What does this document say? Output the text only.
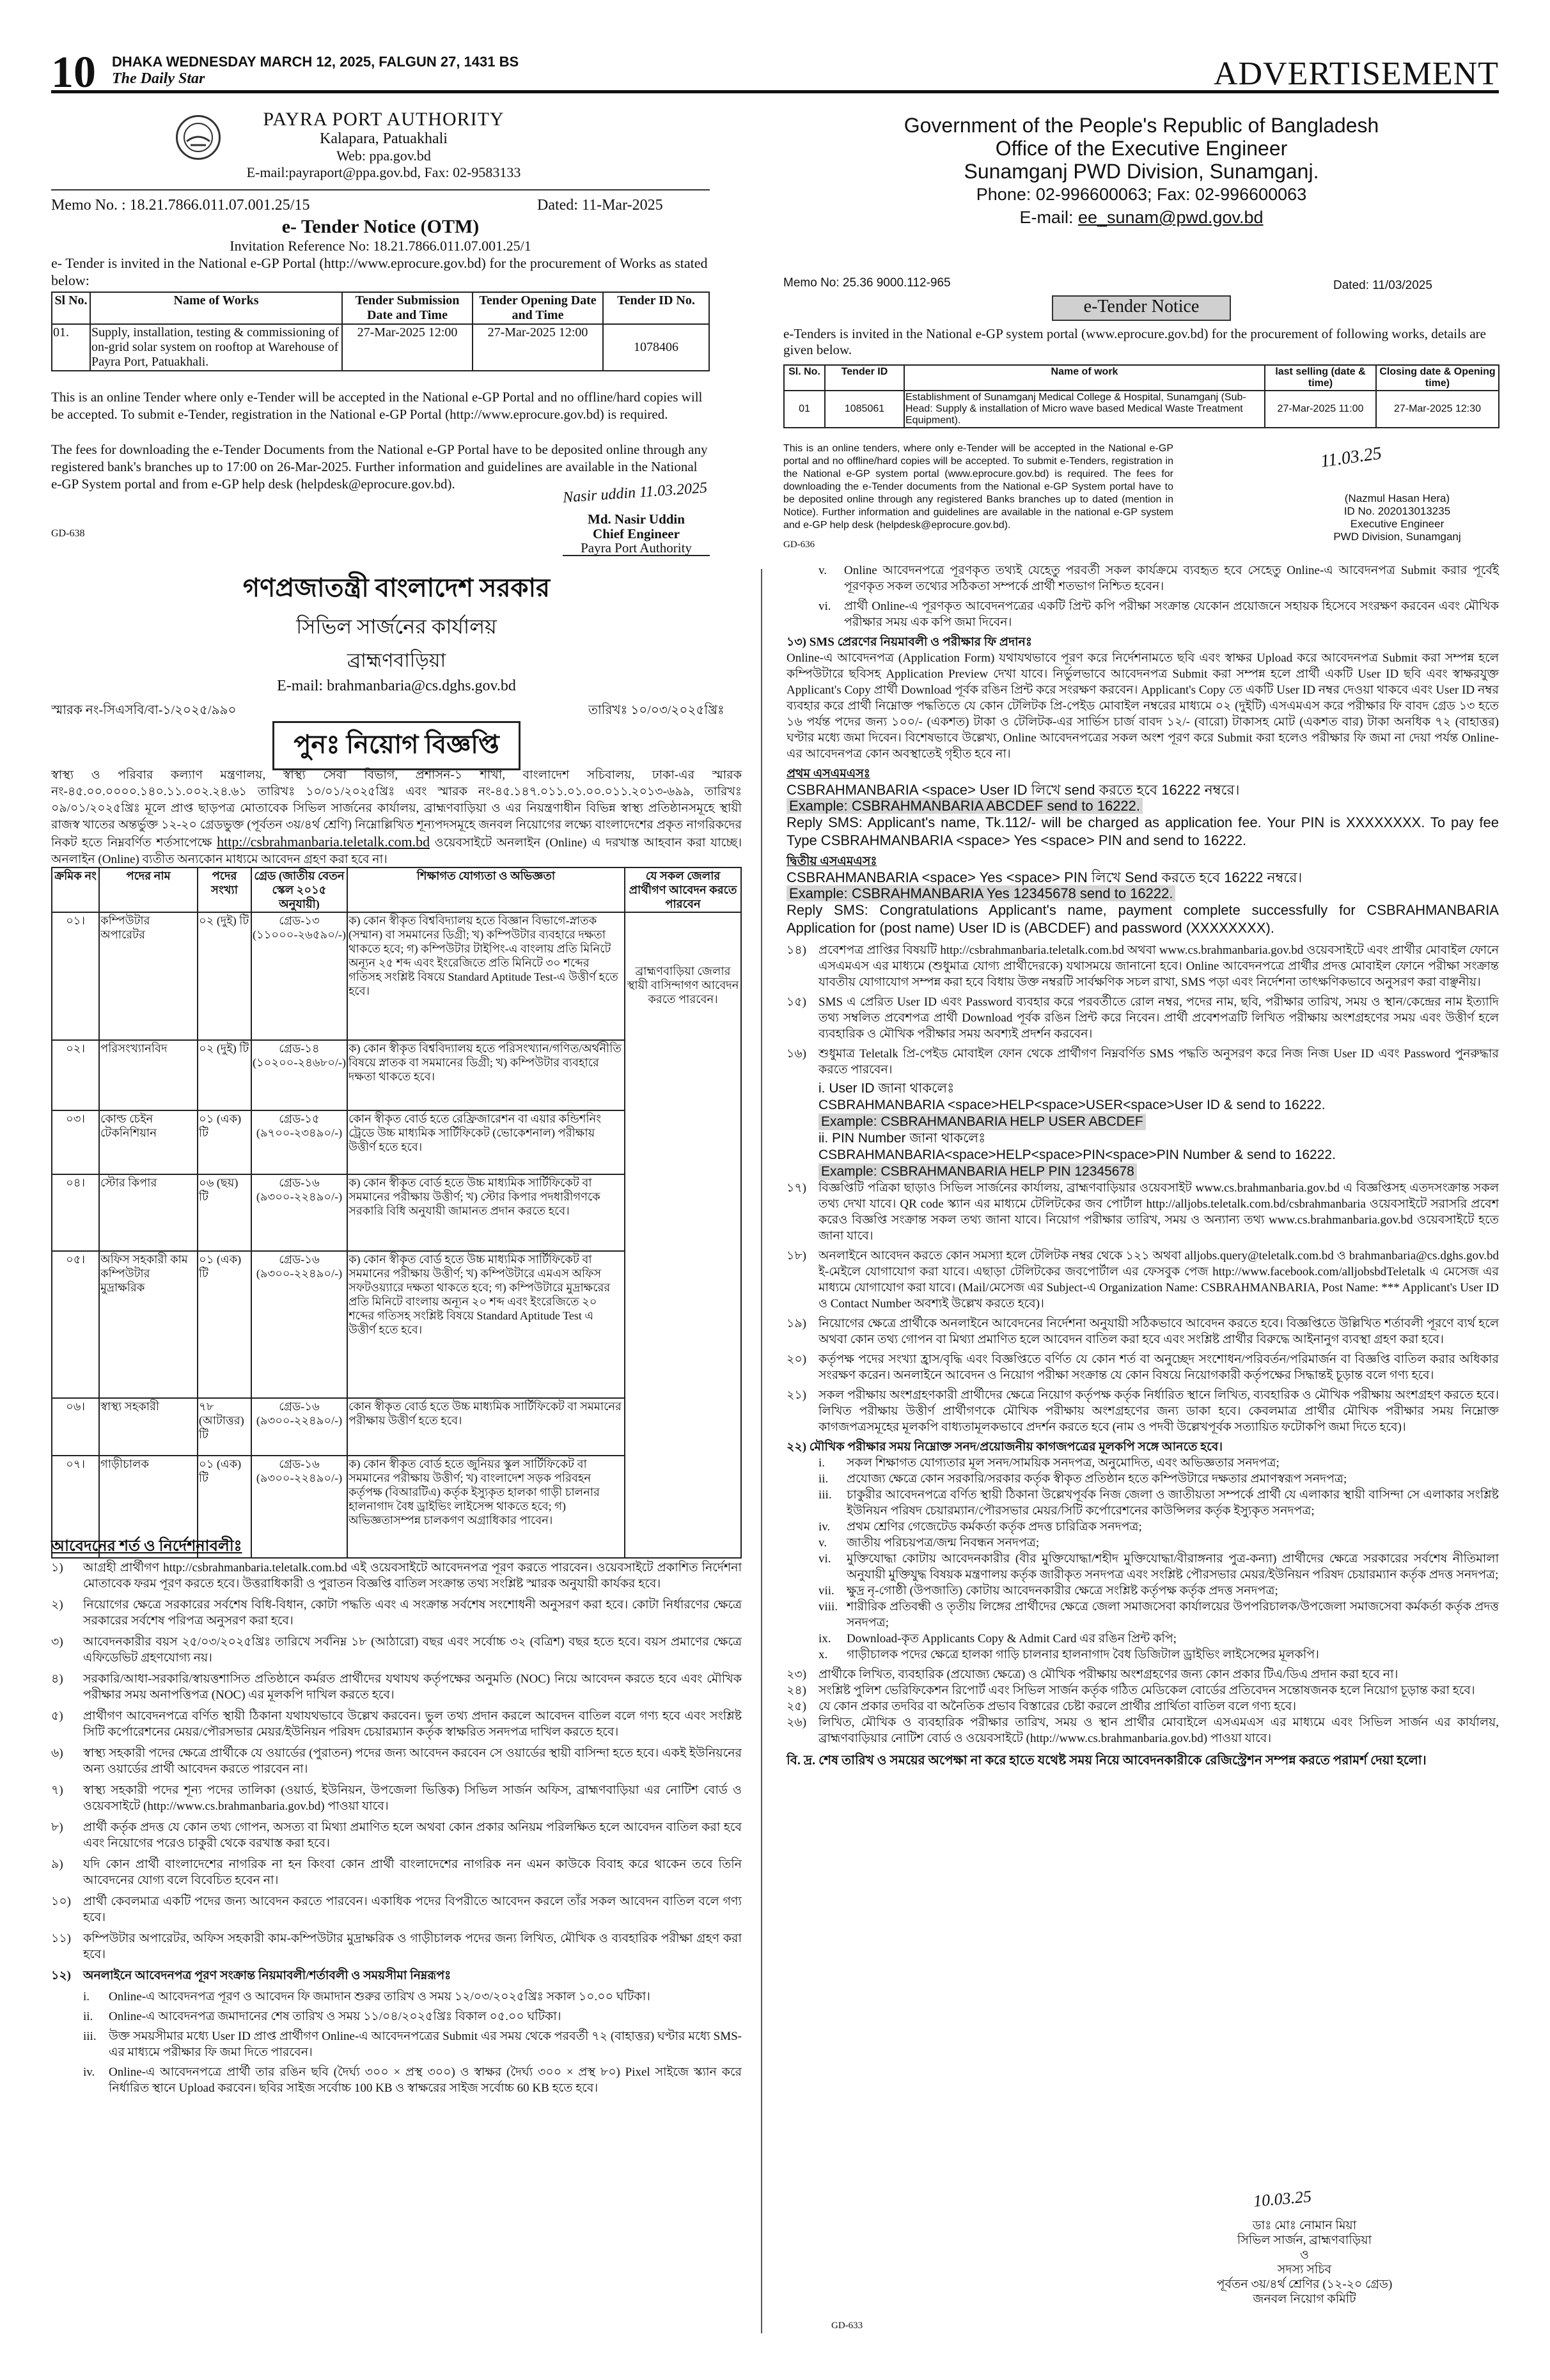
10 DHAKA WEDNESDAY MARCH 12, 2025, FALGUN 27, 1431 BS
The Daily Star	ADVERTISEMENT
PAYRA PORT AUTHORITY
Kalapara, Patuakhali
Web: ppa.gov.bd
E-mail:payraport@ppa.gov.bd, Fax: 02-9583133
Memo No. : 18.21.7866.011.07.001.25/15	Dated: 11-Mar-2025
e- Tender Notice (OTM)
Invitation Reference No: 18.21.7866.011.07.001.25/1
e- Tender is invited in the National e-GP Portal (http://www.eprocure.gov.bd) for the procurement of Works as stated below:
Sl No.	Name of Works	Tender Submission Date and Time	Tender Opening Date and Time	Tender ID No.
01.	Supply, installation, testing & commissioning of on-grid solar system on rooftop at Warehouse of Payra Port, Patuakhali.	27-Mar-2025 12:00	27-Mar-2025 12:00	1078406
This is an online Tender where only e-Tender will be accepted in the National e-GP Portal and no offline/hard copies will be accepted. To submit e-Tender, registration in the National e-GP Portal (http://www.eprocure.gov.bd) is required.
The fees for downloading the e-Tender Documents from the National e-GP Portal have to be deposited online through any registered bank's branches up to 17:00 on 26-Mar-2025. Further information and guidelines are available in the National e-GP System portal and from e-GP help desk (helpdesk@eprocure.gov.bd).	Nasir uddin 11.03.2025
Md. Nasir Uddin
GD-638	Chief Engineer
Payra Port Authority
Government of the People's Republic of Bangladesh
Office of the Executive Engineer
Sunamganj PWD Division, Sunamganj.
Phone: 02-996600063; Fax: 02-996600063
E-mail: ee_sunam@pwd.gov.bd
Memo No: 25.36 9000.112-965	Dated: 11/03/2025
e-Tender Notice
e-Tenders is invited in the National e-GP system portal (www.eprocure.gov.bd) for the procurement of following works, details are given below.
Sl. No.	Tender ID	Name of work	last selling (date & time)	Closing date & Opening time)
01	1085061	Establishment of Sunamganj Medical College & Hospital, Sunamganj (Sub-Head: Supply & installation of Micro wave based Medical Waste Treatment Equipment).	27-Mar-2025 11:00	27-Mar-2025 12:30
This is an online tenders, where only e-Tender will be accepted in the National e-GP portal and no offline/hard copies will be accepted. To submit e-Tenders, registration in the National e-GP system portal (www.eprocure.gov.bd) is required. The fees for downloading the e-Tender documents from the National e-GP System portal have to be deposited online through any registered Banks branches up to dated (mention in Notice). Further information and guidelines are available in the national e-GP system and e-GP help desk (helpdesk@eprocure.gov.bd).
11.03.25
(Nazmul Hasan Hera)
ID No. 202013013235
Executive Engineer
PWD Division, Sunamganj
GD-636
গণপ্রজাতন্ত্রী বাংলাদেশ সরকার
সিভিল সার্জনের কার্যালয়
ব্রাহ্মণবাড়িয়া
E-mail: brahmanbaria@cs.dghs.gov.bd
স্মারক নং-সিএসবি/বা-১/২০২৫/৯৯০	তারিখঃ ১০/০৩/২০২৫খ্রিঃ
পুনঃ নিয়োগ বিজ্ঞপ্তি
স্বাস্থ্য ও পরিবার কল্যাণ মন্ত্রণালয়, স্বাস্থ্য সেবা বিভাগ, প্রশাসন-১ শাখা, বাংলাদেশ সচিবালয়, ঢাকা-এর স্মারক নং-৪৫.০০.০০০০.১৪০.১১.০০২.২৪.৬১ তারিখঃ ১০/০১/২০২৫খ্রিঃ এবং স্মারক নং-৪৫.১৪৭.০১১.০১.০০.০১১.২০১৩-৬৯৯, তারিখঃ ০৯/০১/২০২৫খ্রিঃ মূলে প্রাপ্ত ছাড়পত্র মোতাবেক সিভিল সার্জনের কার্যালয়, ব্রাহ্মণবাড়িয়া ও এর নিয়ন্ত্রণাধীন বিভিন্ন স্বাস্থ্য প্রতিষ্ঠানসমূহে স্থায়ী রাজস্ব খাতের অন্তর্ভুক্ত ১২-২০ গ্রেডভুক্ত (পূর্বতন ৩য়/৪র্থ শ্রেণি) নিম্নোল্লিখিত শূন্যপদসমূহে জনবল নিয়োগের লক্ষ্যে বাংলাদেশের প্রকৃত নাগরিকদের নিকট হতে নিম্নবর্ণিত শর্তসাপেক্ষে http://csbrahmanbaria.teletalk.com.bd ওয়েবসাইটে অনলাইন (Online) এ দরখাস্ত আহবান করা যাচ্ছে। অনলাইন (Online) ব্যতীত অন্যকোন মাধ্যমে আবেদন গ্রহণ করা হবে না।
ক্রমিক নং	পদের নাম	পদের সংখ্যা	গ্রেড (জাতীয় বেতন স্কেল ২০১৫ অনুযায়ী)	শিক্ষাগত যোগ্যতা ও অভিজ্ঞতা	যে সকল জেলার প্রার্থীগণ আবেদন করতে পারবেন
০১।	কম্পিউটার অপারেটর	০২ (দুই) টি	গ্রেড-১৩ (১১০০০-২৬৫৯০/-)	ক) কোন স্বীকৃত বিশ্ববিদ্যালয় হতে বিজ্ঞান বিভাগে-স্নাতক (সম্মান) বা সমমানের ডিগ্রী; খ) কম্পিউটার ব্যবহারে দক্ষতা থাকতে হবে; গ) কম্পিউটার টাইপিং-এ বাংলায় প্রতি মিনিটে অন্যূন ২৫ শব্দ এবং ইংরেজিতে প্রতি মিনিটে ৩০ শব্দের গতিসহ সংশ্লিষ্ট বিষয়ে Standard Aptitude Test-এ উত্তীর্ণ হতে হবে।	ব্রাহ্মণবাড়িয়া জেলার স্থায়ী বাসিন্দাগণ আবেদন করতে পারবেন।
০২।	পরিসংখ্যানবিদ	০২ (দুই) টি	গ্রেড-১৪ (১০২০০-২৪৬৮০/-)	ক) কোন স্বীকৃত বিশ্ববিদ্যালয় হতে পরিসংখ্যান/গণিত/অর্থনীতি বিষয়ে স্নাতক বা সমমানের ডিগ্রী; খ) কম্পিউটার ব্যবহারে দক্ষতা থাকতে হবে।	
০৩।	কোল্ড চেইন টেকনিশিয়ান	০১ (এক) টি	গ্রেড-১৫ (৯৭০০-২৩৪৯০/-)	কোন স্বীকৃত বোর্ড হতে রেফ্রিজারেশন বা এয়ার কন্ডিশনিং ট্রেডে উচ্চ মাধ্যমিক সার্টিফিকেট (ভোকেশনাল) পরীক্ষায় উত্তীর্ণ হতে হবে।	
০৪।	স্টোর কিপার	০৬ (ছয়) টি	গ্রেড-১৬ (৯৩০০-২২৪৯০/-)	ক) কোন স্বীকৃত বোর্ড হতে উচ্চ মাধ্যমিক সার্টিফিকেট বা সমমানের পরীক্ষায় উত্তীর্ণ; খ) স্টোর কিপার পদধারীগণকে সরকারি বিধি অনুযায়ী জামানত প্রদান করতে হবে।	
০৫।	অফিস সহকারী কাম কম্পিউটার মুদ্রাক্ষরিক	০১ (এক) টি	গ্রেড-১৬ (৯৩০০-২২৪৯০/-)	ক) কোন স্বীকৃত বোর্ড হতে উচ্চ মাধ্যমিক সার্টিফিকেট বা সমমানের পরীক্ষায় উত্তীর্ণ; খ) কম্পিউটারে এমএস অফিস সফটওয়্যারে দক্ষতা থাকতে হবে; গ) কম্পিউটারে মুদ্রাক্ষরের প্রতি মিনিটে বাংলায় অন্যূন ২০ শব্দ এবং ইংরেজিতে ২০ শব্দের গতিসহ সংশ্লিষ্ট বিষয়ে Standard Aptitude Test এ উত্তীর্ণ হতে হবে।	
০৬।	স্বাস্থ্য সহকারী	৭৮ (আটাত্তর) টি	গ্রেড-১৬ (৯৩০০-২২৪৯০/-)	কোন স্বীকৃত বোর্ড হতে উচ্চ মাধ্যমিক সার্টিফিকেট বা সমমানের পরীক্ষায় উত্তীর্ণ হতে হবে।	
০৭।	গাড়ীচালক	০১ (এক) টি	গ্রেড-১৬ (৯৩০০-২২৪৯০/-)	ক) কোন স্বীকৃত বোর্ড হতে জুনিয়র স্কুল সার্টিফিকেট বা সমমানের পরীক্ষায় উত্তীর্ণ; খ) বাংলাদেশ সড়ক পরিবহন কর্তৃপক্ষ (বিআরটিএ) কর্তৃক ইস্যুকৃত হালকা গাড়ী চালনার হালনাগাদ বৈধ ড্রাইভিং লাইসেন্স থাকতে হবে; গ) অভিজ্ঞতাসম্পন্ন চালকগণ অগ্রাধিকার পাবেন।	
আবেদনের শর্ত ও নির্দেশনাবলীঃ
১)	আগ্রহী প্রার্থীগণ http://csbrahmanbaria.teletalk.com.bd এই ওয়েবসাইটে আবেদনপত্র পূরণ করতে পারবেন। ওয়েবসাইটে প্রকাশিত নির্দেশনা মোতাবেক ফরম পূরণ করতে হবে। উত্তরাধিকারী ও পুরাতন বিজ্ঞপ্তি বাতিল সংক্রান্ত তথ্য সংশ্লিষ্ট স্মারক অনুযায়ী কার্যকর হবে।
২)	নিয়োগের ক্ষেত্রে সরকারের সর্বশেষ বিধি-বিধান, কোটা পদ্ধতি এবং এ সংক্রান্ত সর্বশেষ সংশোধনী অনুসরণ করা হবে। কোটা নির্ধারণের ক্ষেত্রে সরকারের সর্বশেষ পরিপত্র অনুসরণ করা হবে।
৩)	আবেদনকারীর বয়স ২৫/০৩/২০২৫খ্রিঃ তারিখে সর্বনিম্ন ১৮ (আঠারো) বছর এবং সর্বোচ্চ ৩২ (বত্রিশ) বছর হতে হবে। বয়স প্রমাণের ক্ষেত্রে এফিডেভিট গ্রহণযোগ্য নয়।
৪)	সরকারি/আধা-সরকারি/স্বায়ত্তশাসিত প্রতিষ্ঠানে কর্মরত প্রার্থীদের যথাযথ কর্তৃপক্ষের অনুমতি (NOC) নিয়ে আবেদন করতে হবে এবং মৌখিক পরীক্ষার সময় অনাপত্তিপত্র (NOC) এর মূলকপি দাখিল করতে হবে।
৫)	প্রার্থীগণ আবেদনপত্রে বর্ণিত স্থায়ী ঠিকানা যথাযথভাবে উল্লেখ করবেন। ভুল তথ্য প্রদান করলে আবেদন বাতিল বলে গণ্য হবে এবং সংশ্লিষ্ট সিটি কর্পোরেশনের মেয়র/পৌরসভার মেয়র/ইউনিয়ন পরিষদ চেয়ারম্যান কর্তৃক স্বাক্ষরিত সনদপত্র দাখিল করতে হবে।
৬)	স্বাস্থ্য সহকারী পদের ক্ষেত্রে প্রার্থীকে যে ওয়ার্ডের (পুরাতন) পদের জন্য আবেদন করবেন সে ওয়ার্ডের স্থায়ী বাসিন্দা হতে হবে। একই ইউনিয়নের অন্য ওয়ার্ডের প্রার্থী আবেদন করতে পারবেন না।
৭)	স্বাস্থ্য সহকারী পদের শূন্য পদের তালিকা (ওয়ার্ড, ইউনিয়ন, উপজেলা ভিত্তিক) সিভিল সার্জন অফিস, ব্রাহ্মণবাড়িয়া এর নোটিশ বোর্ড ও ওয়েবসাইটে (http://www.cs.brahmanbaria.gov.bd) পাওয়া যাবে।
৮)	প্রার্থী কর্তৃক প্রদত্ত যে কোন তথ্য গোপন, অসত্য বা মিথ্যা প্রমাণিত হলে অথবা কোন প্রকার অনিয়ম পরিলক্ষিত হলে আবেদন বাতিল করা হবে এবং নিয়োগের পরেও চাকুরী থেকে বরখাস্ত করা হবে।
৯)	যদি কোন প্রার্থী বাংলাদেশের নাগরিক না হন কিংবা কোন প্রার্থী বাংলাদেশের নাগরিক নন এমন কাউকে বিবাহ করে থাকেন তবে তিনি আবেদনের যোগ্য বলে বিবেচিত হবেন না।
১০) প্রার্থী কেবলমাত্র একটি পদের জন্য আবেদন করতে পারবেন। একাধিক পদের বিপরীতে আবেদন করলে তাঁর সকল আবেদন বাতিল বলে গণ্য হবে।
১১)	কম্পিউটার অপারেটর, অফিস সহকারী কাম-কম্পিউটার মুদ্রাক্ষরিক ও গাড়ীচালক পদের জন্য লিখিত, মৌখিক ও ব্যবহারিক পরীক্ষা গ্রহণ করা হবে।
১২) অনলাইনে আবেদনপত্র পূরণ সংক্রান্ত নিয়মাবলী/শর্তাবলী ও সময়সীমা নিম্নরূপঃ
i.	Online-এ আবেদনপত্র পূরণ ও আবেদন ফি জমাদান শুরুর তারিখ ও সময় ১২/০৩/২০২৫খ্রিঃ সকাল ১০.০০ ঘটিকা।
ii.	Online-এ আবেদনপত্র জমাদানের শেষ তারিখ ও সময় ১১/০৪/২০২৫খ্রিঃ বিকাল ০৫.০০ ঘটিকা।
iii.	উক্ত সময়সীমার মধ্যে User ID প্রাপ্ত প্রার্থীগণ Online-এ আবেদনপত্রের Submit এর সময় থেকে পরবর্তী ৭২ (বাহাত্তর) ঘণ্টার মধ্যে SMS-এর মাধ্যমে পরীক্ষার ফি জমা দিতে পারবেন।
iv.	Online-এ আবেদনপত্রে প্রার্থী তার রঙিন ছবি (দৈর্ঘ্য ৩০০ × প্রস্থ ৩০০) ও স্বাক্ষর (দৈর্ঘ্য ৩০০ × প্রস্থ ৮০) Pixel সাইজে স্ক্যান করে নির্ধারিত স্থানে Upload করবেন। ছবির সাইজ সর্বোচ্চ 100 KB ও স্বাক্ষরের সাইজ সর্বোচ্চ 60 KB হতে হবে।
v.	Online আবেদনপত্রে পূরণকৃত তথ্যই যেহেতু পরবর্তী সকল কার্যক্রমে ব্যবহৃত হবে সেহেতু Online-এ আবেদনপত্র Submit করার পূর্বেই পূরণকৃত সকল তথ্যের সঠিকতা সম্পর্কে প্রার্থী শতভাগ নিশ্চিত হবেন।
vi.	প্রার্থী Online-এ পূরণকৃত আবেদনপত্রের একটি প্রিন্ট কপি পরীক্ষা সংক্রান্ত যেকোন প্রয়োজনে সহায়ক হিসেবে সংরক্ষণ করবেন এবং মৌখিক পরীক্ষার সময় এক কপি জমা দিবেন।
১৩) SMS প্রেরণের নিয়মাবলী ও পরীক্ষার ফি প্রদানঃ
Online-এ আবেদনপত্র (Application Form) যথাযথভাবে পূরণ করে নির্দেশনামতে ছবি এবং স্বাক্ষর Upload করে আবেদনপত্র Submit করা সম্পন্ন হলে কম্পিউটারে ছবিসহ Application Preview দেখা যাবে। নির্ভুলভাবে আবেদনপত্র Submit করা সম্পন্ন হলে প্রার্থী একটি User ID ছবি এবং স্বাক্ষরযুক্ত Applicant's Copy প্রার্থী Download পূর্বক রঙিন প্রিন্ট করে সংরক্ষণ করবেন। Applicant's Copy তে একটি User ID নম্বর দেওয়া থাকবে এবং User ID নম্বর ব্যবহার করে প্রার্থী নিম্নোক্ত পদ্ধতিতে যে কোন টেলিটক প্রি-পেইড মোবাইল নম্বরের মাধ্যমে ০২ (দুইটি) এসএমএস করে পরীক্ষার ফি বাবদ গ্রেড ১৩ হতে ১৬ পর্যন্ত পদের জন্য ১০০/- (একশত) টাকা ও টেলিটক-এর সার্ভিস চার্জ বাবদ ১২/- (বারো) টাকাসহ মোট (একশত বার) টাকা অনধিক ৭২ (বাহাত্তর) ঘণ্টার মধ্যে জমা দিবেন। বিশেষভাবে উল্লেখ্য, Online আবেদনপত্রের সকল অংশ পূরণ করে Submit করা হলেও পরীক্ষার ফি জমা না দেয়া পর্যন্ত Online-এর আবেদনপত্র কোন অবস্থাতেই গৃহীত হবে না।
প্রথম এসএমএসঃ
CSBRAHMANBARIA <space> User ID লিখে send করতে হবে 16222 নম্বরে।
Example: CSBRAHMANBARIA ABCDEF send to 16222.
Reply SMS: Applicant's name, Tk.112/- will be charged as application fee. Your PIN is XXXXXXXX. To pay fee Type CSBRAHMANBARIA <space> Yes <space> PIN and send to 16222.
দ্বিতীয় এসএমএসঃ
CSBRAHMANBARIA <space> Yes <space> PIN লিখে Send করতে হবে 16222 নম্বরে।
Example: CSBRAHMANBARIA Yes 12345678 send to 16222.
Reply SMS: Congratulations Applicant's name, payment complete successfully for CSBRAHMANBARIA Application for (post name) User ID is (ABCDEF) and password (XXXXXXXX).
১৪)	প্রবেশপত্র প্রাপ্তির বিষয়টি http://csbrahmanbaria.teletalk.com.bd অথবা www.cs.brahmanbaria.gov.bd ওয়েবসাইটে এবং প্রার্থীর মোবাইল ফোনে এসএমএস এর মাধ্যমে (শুধুমাত্র যোগ্য প্রার্থীদেরকে) যথাসময়ে জানানো হবে। Online আবেদনপত্রে প্রার্থীর প্রদত্ত মোবাইল ফোনে পরীক্ষা সংক্রান্ত যাবতীয় যোগাযোগ সম্পন্ন করা হবে বিধায় উক্ত নম্বরটি সার্বক্ষণিক সচল রাখা, SMS পড়া এবং নির্দেশনা তাৎক্ষণিকভাবে অনুসরণ করা বাঞ্ছনীয়।
১৫)	SMS এ প্রেরিত User ID এবং Password ব্যবহার করে পরবর্তীতে রোল নম্বর, পদের নাম, ছবি, পরীক্ষার তারিখ, সময় ও স্থান/কেন্দ্রের নাম ইত্যাদি তথ্য সম্বলিত প্রবেশপত্র প্রার্থী Download পূর্বক রঙিন প্রিন্ট করে নিবেন। প্রার্থী প্রবেশপত্রটি লিখিত পরীক্ষায় অংশগ্রহণের সময় এবং উত্তীর্ণ হলে ব্যবহারিক ও মৌখিক পরীক্ষার সময় অবশ্যই প্রদর্শন করবেন।
১৬) শুধুমাত্র Teletalk প্রি-পেইড মোবাইল ফোন থেকে প্রার্থীগণ নিম্নবর্ণিত SMS পদ্ধতি অনুসরণ করে নিজ নিজ User ID এবং Password পুনরুদ্ধার করতে পারবেন।
i. User ID জানা থাকলেঃ
CSBRAHMANBARIA <space>HELP<space>USER<space>User ID & send to 16222.
Example: CSBRAHMANBARIA HELP USER ABCDEF
ii. PIN Number জানা থাকলেঃ
CSBRAHMANBARIA<space>HELP<space>PIN<space>PIN Number & send to 16222.
Example: CSBRAHMANBARIA HELP PIN 12345678
১৭) বিজ্ঞপ্তিটি পত্রিকা ছাড়াও সিভিল সার্জনের কার্যালয়, ব্রাহ্মণবাড়িয়ার ওয়েবসাইট www.cs.brahmanbaria.gov.bd এ বিজ্ঞপ্তিসহ এতদসংক্রান্ত সকল তথ্য দেখা যাবে। QR code স্ক্যান এর মাধ্যমে টেলিটকের জব পোর্টাল http://alljobs.teletalk.com.bd/csbrahmanbaria ওয়েবসাইটে সরাসরি প্রবেশ করেও বিজ্ঞপ্তি সংক্রান্ত সকল তথ্য জানা যাবে। নিয়োগ পরীক্ষার তারিখ, সময় ও অন্যান্য তথ্য www.cs.brahmanbaria.gov.bd ওয়েবসাইটে হতে জানা যাবে।
১৮)	অনলাইনে আবেদন করতে কোন সমস্যা হলে টেলিটক নম্বর থেকে ১২১ অথবা alljobs.query@teletalk.com.bd ও brahmanbaria@cs.dghs.gov.bd ই-মেইলে যোগাযোগ করা যাবে। এছাড়া টেলিটকের জবপোর্টাল এর ফেসবুক পেজ http://www.facebook.com/alljobsbdTeletalk এ মেসেজ এর মাধ্যমে যোগাযোগ করা যাবে। (Mail/মেসেজ এর Subject-এ Organization Name: CSBRAHMANBARIA, Post Name: *** Applicant's User ID ও Contact Number অবশ্যই উল্লেখ করতে হবে)।
১৯)	নিয়োগের ক্ষেত্রে প্রার্থীকে অনলাইনে আবেদনের নির্দেশনা অনুযায়ী সঠিকভাবে আবেদন করতে হবে। বিজ্ঞপ্তিতে উল্লিখিত শর্তাবলী পূরণে ব্যর্থ হলে অথবা কোন তথ্য গোপন বা মিথ্যা প্রমাণিত হলে আবেদন বাতিল করা হবে এবং সংশ্লিষ্ট প্রার্থীর বিরুদ্ধে আইনানুগ ব্যবস্থা গ্রহণ করা হবে।
২০) কর্তৃপক্ষ পদের সংখ্যা হ্রাস/বৃদ্ধি এবং বিজ্ঞপ্তিতে বর্ণিত যে কোন শর্ত বা অনুচ্ছেদ সংশোধন/পরিবর্তন/পরিমার্জন বা বিজ্ঞপ্তি বাতিল করার অধিকার সংরক্ষণ করেন। অনলাইনে আবেদন ও নিয়োগ পরীক্ষা সংক্রান্ত যে কোন বিষয়ে নিয়োগকারী কর্তৃপক্ষের সিদ্ধান্তই চূড়ান্ত বলে গণ্য হবে।
২১) সকল পরীক্ষায় অংশগ্রহণকারী প্রার্থীদের ক্ষেত্রে নিয়োগ কর্তৃপক্ষ কর্তৃক নির্ধারিত স্থানে লিখিত, ব্যবহারিক ও মৌখিক পরীক্ষায় অংশগ্রহণ করতে হবে। লিখিত পরীক্ষায় উত্তীর্ণ প্রার্থীগণকে মৌখিক পরীক্ষায় অংশগ্রহণের জন্য ডাকা হবে। কেবলমাত্র প্রার্থীর মৌখিক পরীক্ষার সময় নিম্নোক্ত কাগজপত্রসমূহের মূলকপি বাধ্যতামূলকভাবে প্রদর্শন করতে হবে (নাম ও পদবী উল্লেখপূর্বক সত্যায়িত ফটোকপি জমা দিতে হবে)।
২২) মৌখিক পরীক্ষার সময় নিম্নোক্ত সনদ/প্রয়োজনীয় কাগজপত্রের মূলকপি সঙ্গে আনতে হবে।
i.	সকল শিক্ষাগত যোগ্যতার মূল সনদ/সাময়িক সনদপত্র, অনুমোদিত, এবং অভিজ্ঞতার সনদপত্র;
ii.	প্রযোজ্য ক্ষেত্রে কোন সরকারি/সরকার কর্তৃক স্বীকৃত প্রতিষ্ঠান হতে কম্পিউটারে দক্ষতার প্রমাণস্বরূপ সনদপত্র;
iii.	চাকুরীর আবেদনপত্রে বর্ণিত স্থায়ী ঠিকানা উল্লেখপূর্বক নিজ জেলা ও জাতীয়তা সম্পর্কে প্রার্থী যে এলাকার স্থায়ী বাসিন্দা সে এলাকার সংশ্লিষ্ট ইউনিয়ন পরিষদ চেয়ারম্যান/পৌরসভার মেয়র/সিটি কর্পোরেশনের কাউন্সিলর কর্তৃক ইস্যুকৃত সনদপত্র;
iv.	প্রথম শ্রেণির গেজেটেড কর্মকর্তা কর্তৃক প্রদত্ত চারিত্রিক সনদপত্র;
v.	জাতীয় পরিচয়পত্র/জন্ম নিবন্ধন সনদপত্র;
vi.	মুক্তিযোদ্ধা কোটায় আবেদনকারীর (বীর মুক্তিযোদ্ধা/শহীদ মুক্তিযোদ্ধা/বীরাঙ্গনার পুত্র-কন্যা) প্রার্থীদের ক্ষেত্রে সরকারের সর্বশেষ নীতিমালা অনুযায়ী মুক্তিযুদ্ধ বিষয়ক মন্ত্রণালয় কর্তৃক জারীকৃত সনদপত্র এবং সংশ্লিষ্ট পৌরসভার মেয়র/ইউনিয়ন পরিষদ চেয়ারম্যান কর্তৃক প্রদত্ত সনদপত্র;
vii.	ক্ষুদ্র নৃ-গোষ্ঠী (উপজাতি) কোটায় আবেদনকারীর ক্ষেত্রে সংশ্লিষ্ট কর্তৃপক্ষ কর্তৃক প্রদত্ত সনদপত্র;
viii. শারীরিক প্রতিবন্ধী ও তৃতীয় লিঙ্গের প্রার্থীদের ক্ষেত্রে জেলা সমাজসেবা কার্যালয়ের উপপরিচালক/উপজেলা সমাজসেবা কর্মকর্তা কর্তৃক প্রদত্ত সনদপত্র;
ix.	Download-কৃত Applicants Copy & Admit Card এর রঙিন প্রিন্ট কপি;
x.	গাড়ীচালক পদের ক্ষেত্রে হালকা গাড়ি চালনার হালনাগাদ বৈধ ডিজিটাল ড্রাইভিং লাইসেন্সের মূলকপি।
২৩) প্রার্থীকে লিখিত, ব্যবহারিক (প্রযোজ্য ক্ষেত্রে) ও মৌখিক পরীক্ষায় অংশগ্রহণের জন্য কোন প্রকার টিএ/ডিএ প্রদান করা হবে না।
২৪) সংশ্লিষ্ট পুলিশ ভেরিফিকেশন রিপোর্ট এবং সিভিল সার্জন কর্তৃক গঠিত মেডিকেল বোর্ডের প্রতিবেদন সন্তোষজনক হলে নিয়োগ চূড়ান্ত করা হবে।
২৫) যে কোন প্রকার তদবির বা অনৈতিক প্রভাব বিস্তারের চেষ্টা করলে প্রার্থীর প্রার্থিতা বাতিল বলে গণ্য হবে।
২৬) লিখিত, মৌখিক ও ব্যবহারিক পরীক্ষার তারিখ, সময় ও স্থান প্রার্থীর মোবাইলে এসএমএস এর মাধ্যমে এবং সিভিল সার্জন এর কার্যালয়, ব্রাহ্মণবাড়িয়ার নোটিশ বোর্ড ও ওয়েবসাইটে (http://www.cs.brahmanbaria.gov.bd) পাওয়া যাবে।
বি. দ্র. শেষ তারিখ ও সময়ের অপেক্ষা না করে হাতে যথেষ্ট সময় নিয়ে আবেদনকারীকে রেজিস্ট্রেশন সম্পন্ন করতে পরামর্শ দেয়া হলো।
10.03.25
ডাঃ মোঃ নোমান মিয়া
সিভিল সার্জন, ব্রাহ্মণবাড়িয়া
ও
সদস্য সচিব
পূর্বতন ৩য়/৪র্থ শ্রেণির (১২-২০ গ্রেড)
জনবল নিয়োগ কমিটি
GD-633
